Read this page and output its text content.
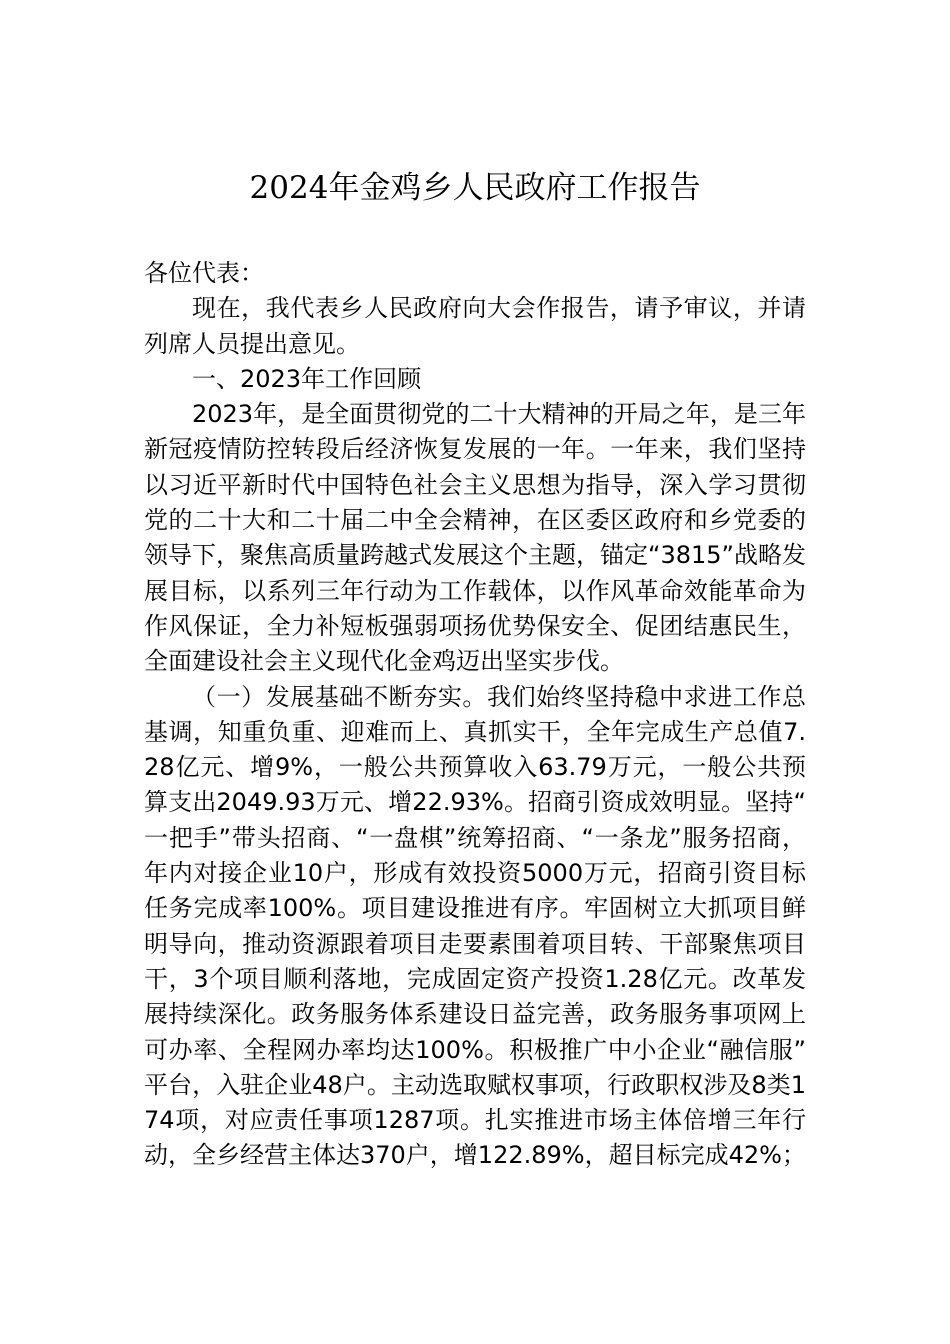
2024年金鸡乡人民政府工作报告

各位代表：

现在，我代表乡人民政府向大会作报告，请予审议，并请列席人员提出意见。

一、2023年工作回顾

2023年，是全面贯彻党的二十大精神的开局之年，是三年新冠疫情防控转段后经济恢复发展的一年。一年来，我们坚持以习近平新时代中国特色社会主义思想为指导，深入学习贯彻党的二十大和二十届二中全会精神，在区委区政府和乡党委的领导下，聚焦高质量跨越式发展这个主题，锚定“3815”战略发展目标，以系列三年行动为工作载体，以作风革命效能革命为作风保证，全力补短板强弱项扬优势保安全、促团结惠民生，全面建设社会主义现代化金鸡迈出坚实步伐。

（一）发展基础不断夯实。我们始终坚持稳中求进工作总基调，知重负重、迎难而上、真抓实干，全年完成生产总值7.28亿元、增9%，一般公共预算收入63.79万元，一般公共预算支出2049.93万元、增22.93%。招商引资成效明显。坚持“一把手”带头招商、“一盘棋”统筹招商、“一条龙”服务招商，年内对接企业10户，形成有效投资5000万元，招商引资目标任务完成率100%。项目建设推进有序。牢固树立大抓项目鲜明导向，推动资源跟着项目走要素围着项目转、干部聚焦项目干，3个项目顺利落地，完成固定资产投资1.28亿元。改革发展持续深化。政务服务体系建设日益完善，政务服务事项网上可办率、全程网办率均达100%。积极推广中小企业“融信服”平台，入驻企业48户。主动选取赋权事项，行政职权涉及8类174项，对应责任事项1287项。扎实推进市场主体倍增三年行动，全乡经营主体达370户，增122.89%，超目标完成42%；
